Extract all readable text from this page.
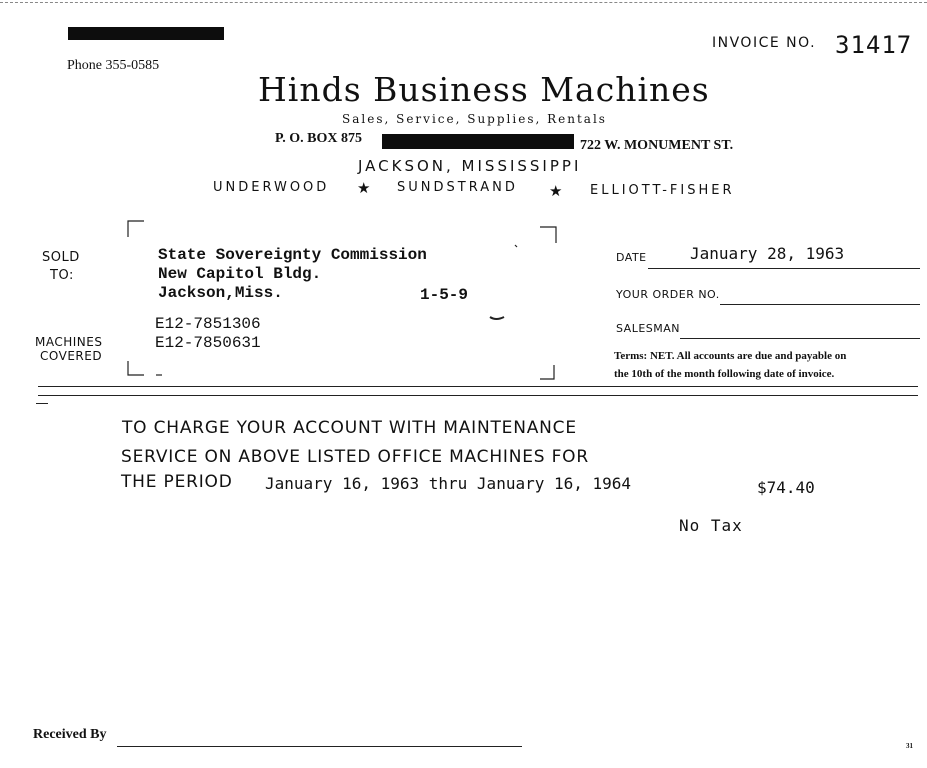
INVOICE NO. 31417
Phone 355-0585
Hinds Business Machines
Sales, Service, Supplies, Rentals
P. O. BOX 875	722 W. MONUMENT ST.
JACKSON, MISSISSIPPI
UNDERWOOD ★ SUNDSTRAND ★ ELLIOTT-FISHER
SOLD
TO:
State Sovereignty Commission
New Capitol Bldg.
Jackson,Miss.	1-5-9
E12-7851306
E12-7850631
MACHINES
COVERED
DATE	January 28, 1963
YOUR ORDER NO.
SALESMAN
Terms: NET. All accounts are due and payable on
the 10th of the month following date of invoice.
TO CHARGE YOUR ACCOUNT WITH MAINTENANCE
SERVICE ON ABOVE LISTED OFFICE MACHINES FOR
THE PERIOD January 16, 1963 thru January 16, 1964	$74.40
No Tax
Received By
31
